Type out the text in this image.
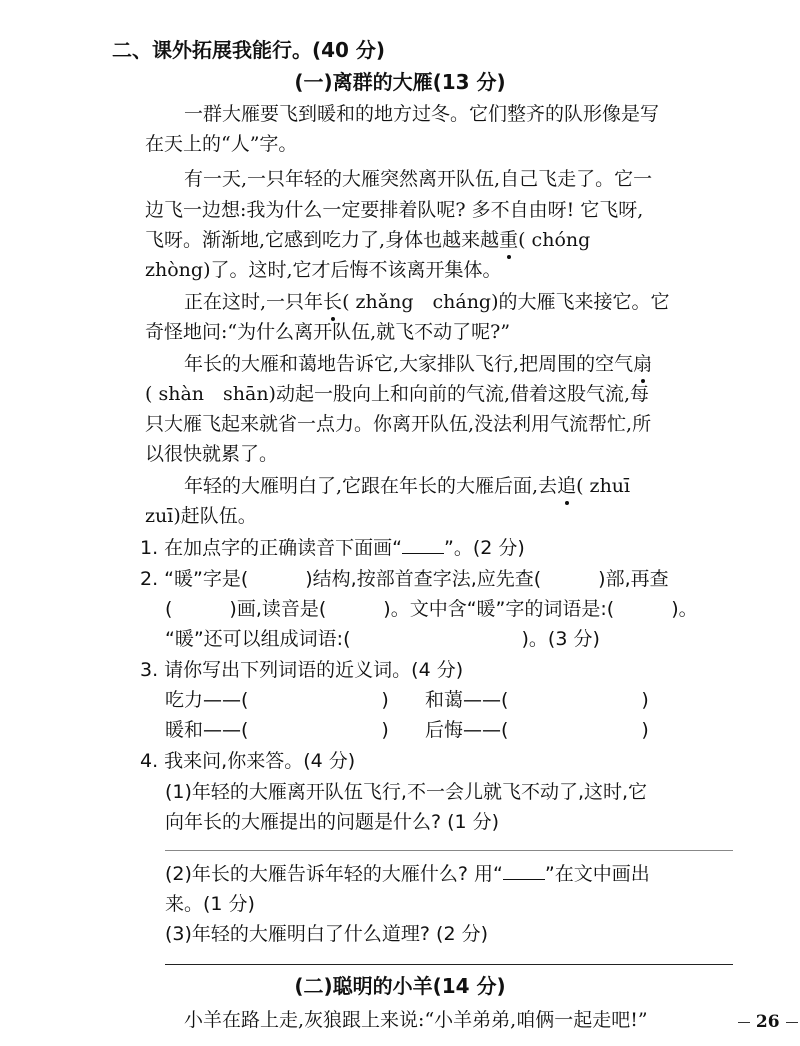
二、课外拓展我能行。(40 分)
(一)离群的大雁(13 分)
一群大雁要飞到暖和的地方过冬。它们整齐的队形像是写
在天上的“人”字。
有一天,一只年轻的大雁突然离开队伍,自己飞走了。它一
边飞一边想:我为什么一定要排着队呢? 多不自由呀! 它飞呀,
飞呀。渐渐地,它感到吃力了,身体也越来越重( chóng
zhòng)了。这时,它才后悔不该离开集体。
正在这时,一只年长( zhǎng　cháng)的大雁飞来接它。它
奇怪地问:“为什么离开队伍,就飞不动了呢?”
年长的大雁和蔼地告诉它,大家排队飞行,把周围的空气扇
( shàn　shān)动起一股向上和向前的气流,借着这股气流,每
只大雁飞起来就省一点力。你离开队伍,没法利用气流帮忙,所
以很快就累了。
年轻的大雁明白了,它跟在年长的大雁后面,去追( zhuī
zuī)赶队伍。
1. 在加点字的正确读音下面画“ ”。(2 分)
2. “暖”字是(　　　)结构,按部首查字法,应先查(　　　)部,再查
(　　　)画,读音是(　　　)。文中含“暖”字的词语是:(　　　)。
“暖”还可以组成词语:(　　　　　　　　　)。(3 分)
3. 请你写出下列词语的近义词。(4 分)
吃力——(　　　　　　　) 和蔼——(　　　　　　　)
暖和——(　　　　　　　) 后悔——(　　　　　　　)
4. 我来问,你来答。(4 分)
(1)年轻的大雁离开队伍飞行,不一会儿就飞不动了,这时,它
向年长的大雁提出的问题是什么? (1 分)
(2)年长的大雁告诉年轻的大雁什么? 用“ ”在文中画出
来。(1 分)
(3)年轻的大雁明白了什么道理? (2 分)
(二)聪明的小羊(14 分)
小羊在路上走,灰狼跟上来说:“小羊弟弟,咱俩一起走吧!”	26
